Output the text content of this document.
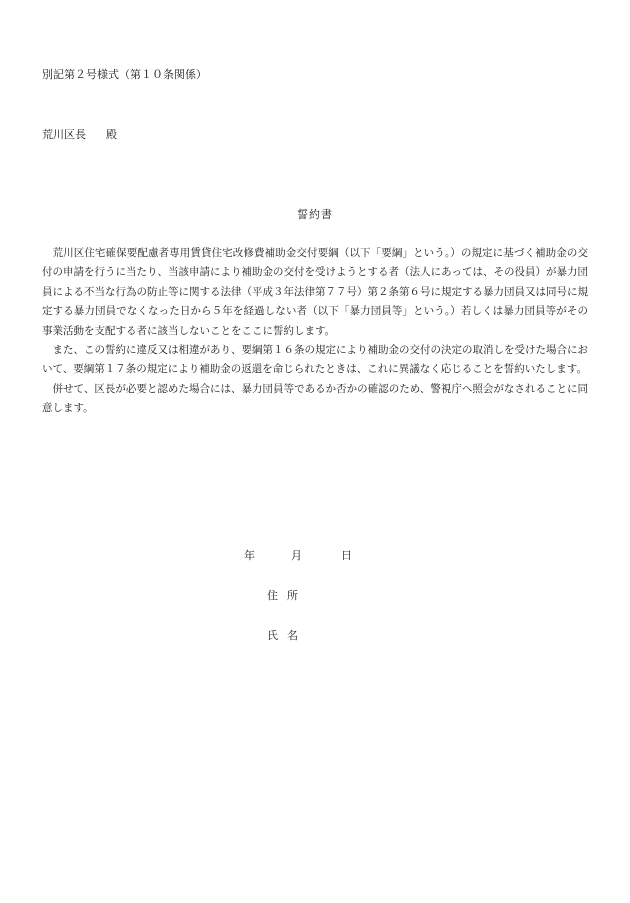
別記第２号様式（第１０条関係）
荒川区長 殿
誓約書

荒川区住宅確保要配慮者専用賃貸住宅改修費補助金交付要綱（以下「要綱」という。）の規定に基づく補助金の交付の申請を行うに当たり、当該申請により補助金の交付を受けようとする者（法人にあっては、その役員）が暴力団員による不当な行為の防止等に関する法律（平成３年法律第７７号）第２条第６号に規定する暴力団員又は同号に規定する暴力団員でなくなった日から５年を経過しない者（以下「暴力団員等」という。）若しくは暴力団員等がその事業活動を支配する者に該当しないことをここに誓約します。

また、この誓約に違反又は相違があり、要綱第１６条の規定により補助金の交付の決定の取消しを受けた場合において、要綱第１７条の規定により補助金の返還を命じられたときは、これに異議なく応じることを誓約いたします。

併せて、区長が必要と認めた場合には、暴力団員等であるか否かの確認のため、警視庁へ照会がなされることに同意します。

年	月	日
住所
氏名
